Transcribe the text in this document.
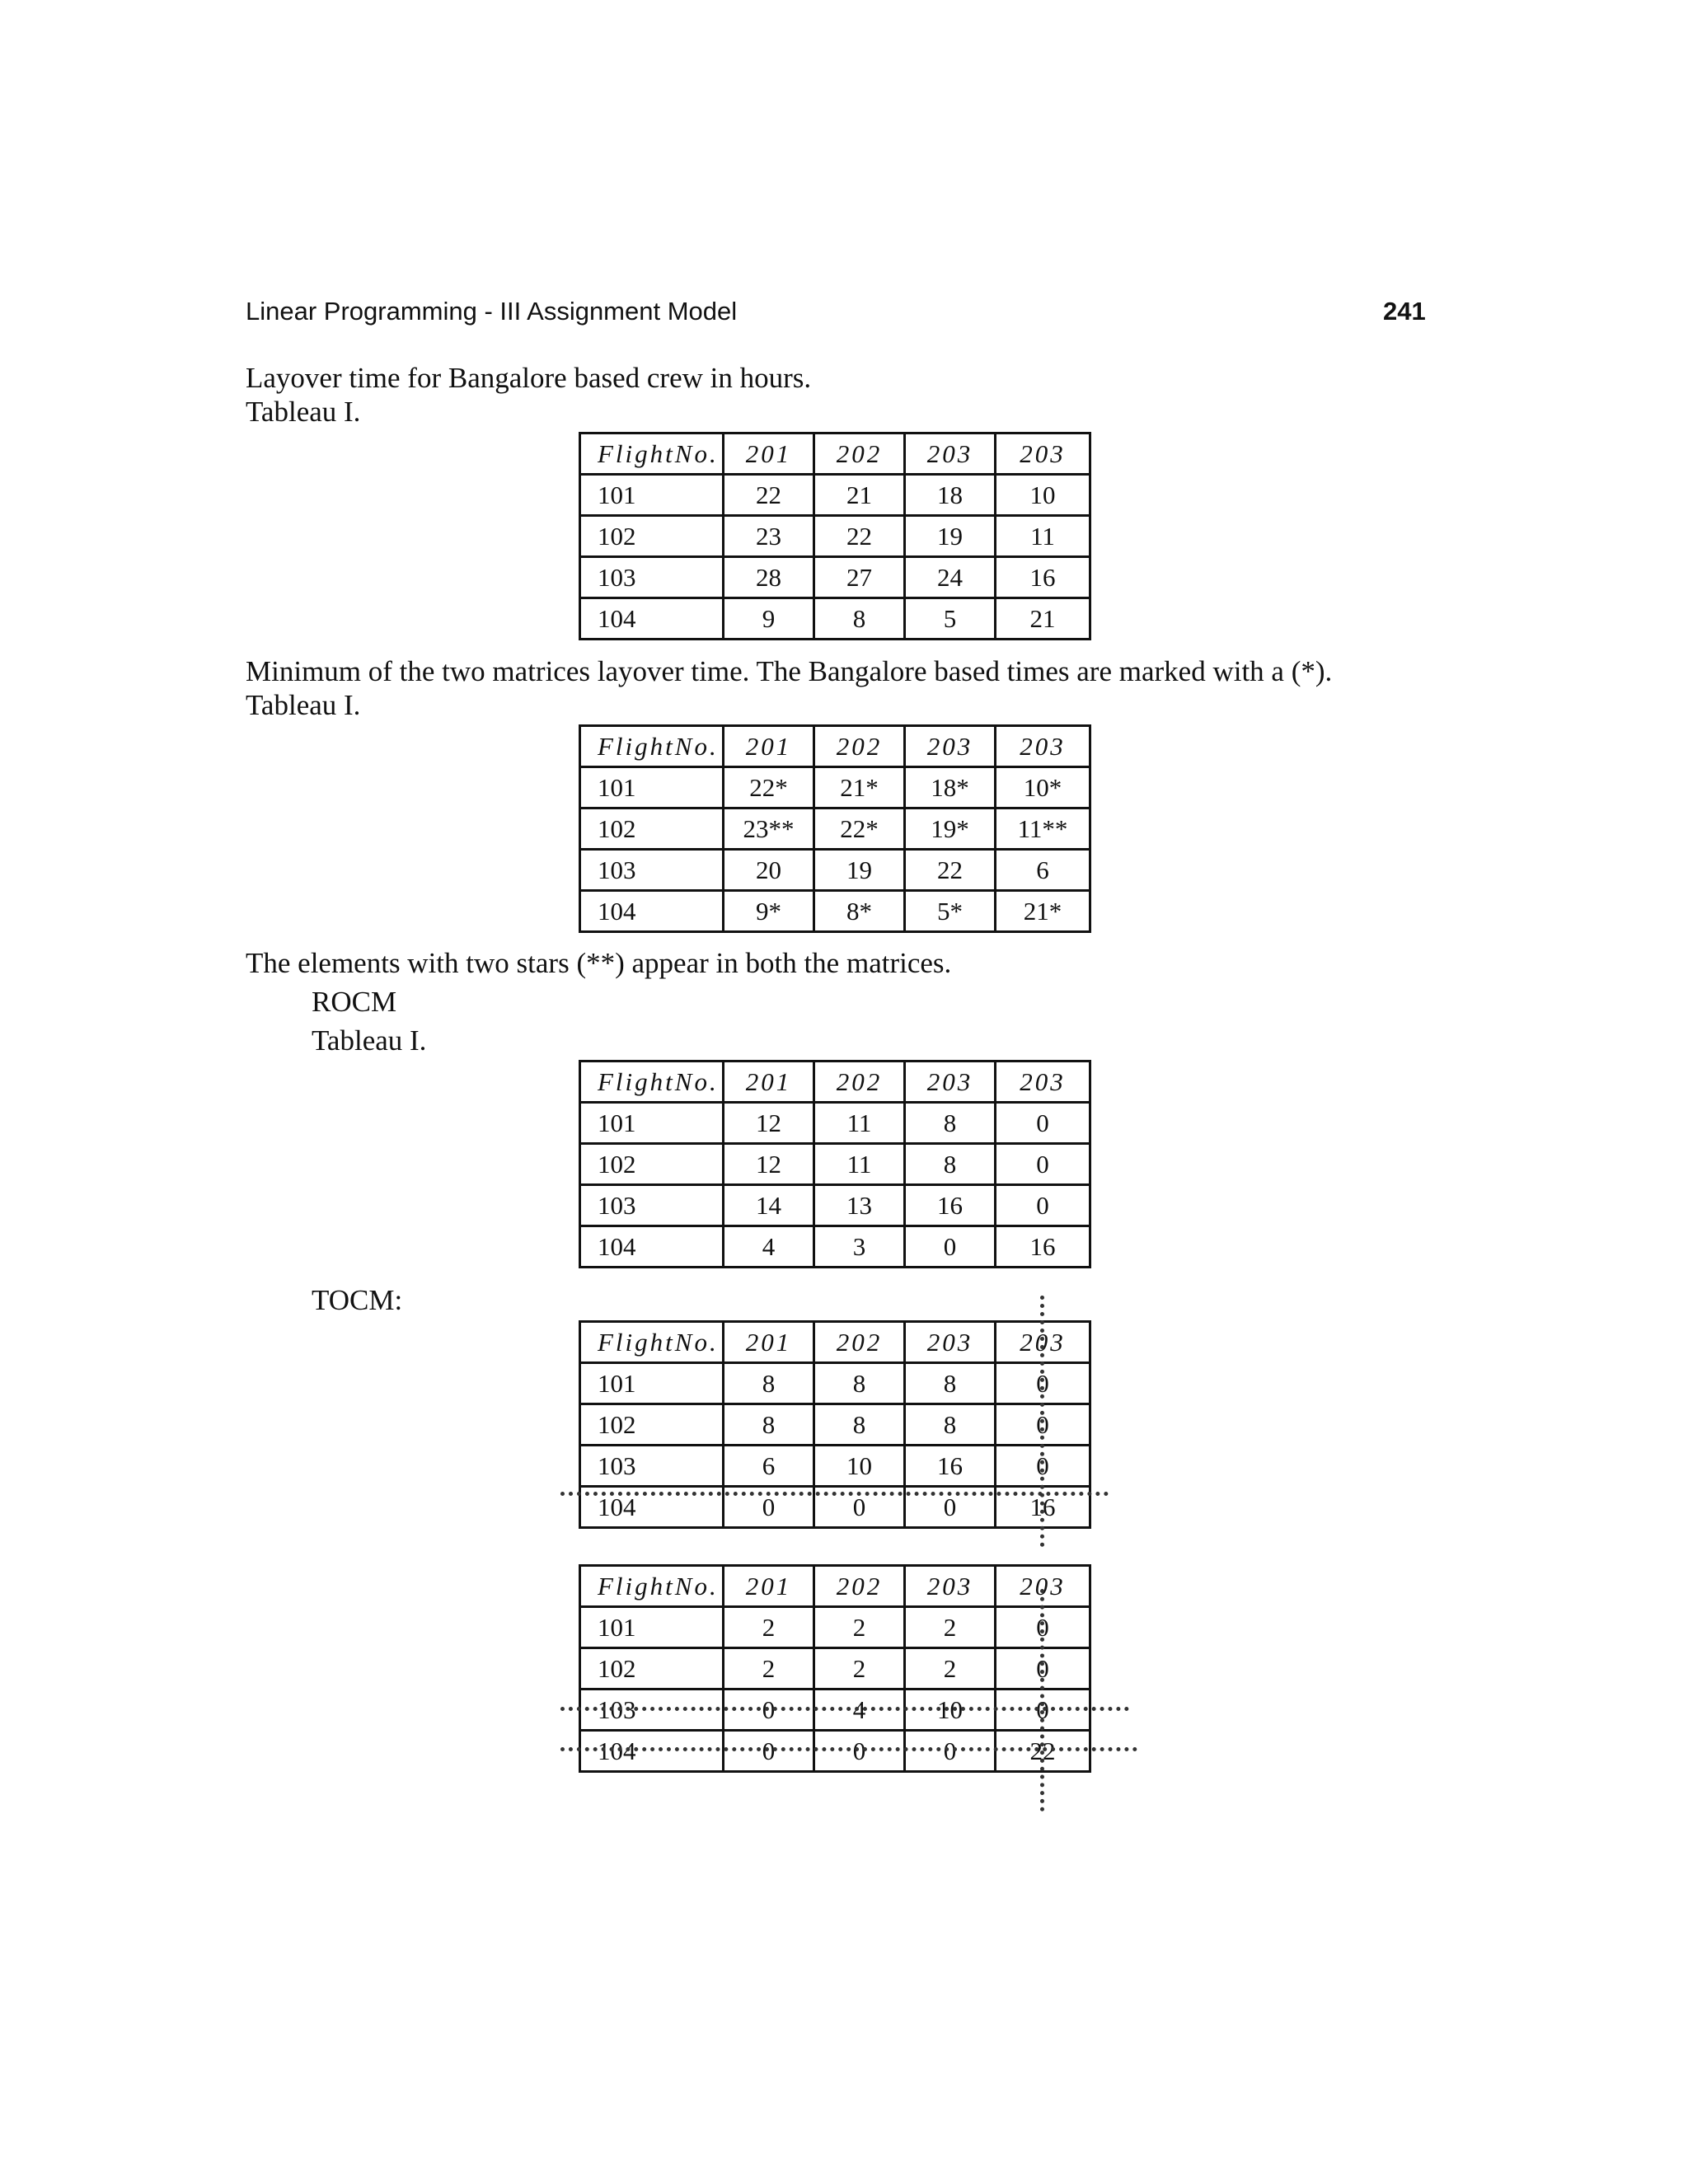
Linear Programming - III Assignment Model	241
Layover time for Bangalore based crew in hours.
Tableau I.
FlightNo.	201	202	203	203
101	22	21	18	10
102	23	22	19	11
103	28	27	24	16
104	9	8	5	21
Minimum of the two matrices layover time. The Bangalore based times are marked with a (*).
Tableau I.
FlightNo.	201	202	203	203
101	22*	21*	18*	10*
102	23**	22*	19*	11**
103	20	19	22	6
104	9*	8*	5*	21*
The elements with two stars (**) appear in both the matrices.
ROCM
Tableau I.
FlightNo.	201	202	203	203
101	12	11	8	0
102	12	11	8	0
103	14	13	16	0
104	4	3	0	16
TOCM:
FlightNo.	201	202	203	203
101	8	8	8	0
102	8	8	8	0
103	6	10	16	0
104	0	0	0	16
FlightNo.	201	202	203	203
101	2	2	2	0
102	2	2	2	0
103	0	4	10	0
104	0	0	0	22
